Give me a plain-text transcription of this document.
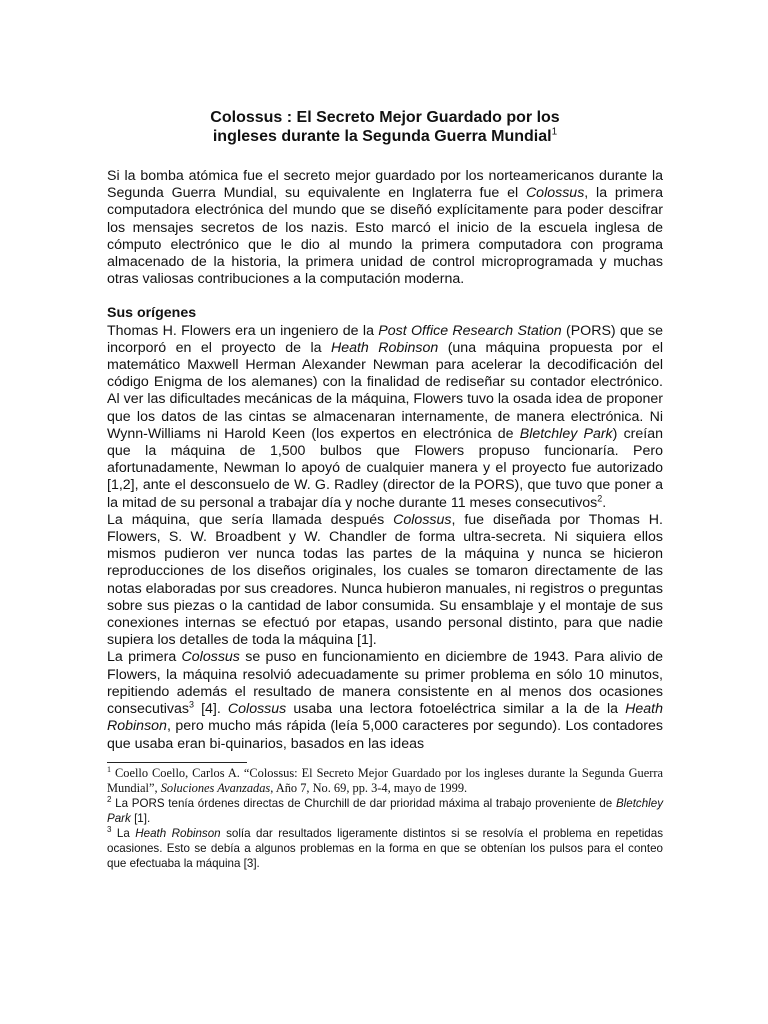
Colossus : El Secreto Mejor Guardado por los
ingleses durante la Segunda Guerra Mundial$^1$

Si la bomba atómica fue el secreto mejor guardado por los norteamericanos durante la Segunda Guerra Mundial, su equivalente en Inglaterra fue el Colossus, la primera computadora electrónica del mundo que se diseñó explícitamente para poder descifrar los mensajes secretos de los nazis. Esto marcó el inicio de la escuela inglesa de cómputo electrónico que le dio al mundo la primera computadora con programa almacenado de la historia, la primera unidad de control microprogramada y muchas otras valiosas contribuciones a la computación moderna.

Sus orígenes

Thomas H. Flowers era un ingeniero de la Post Office Research Station (PORS) que se incorporó en el proyecto de la Heath Robinson (una máquina propuesta por el matemático Maxwell Herman Alexander Newman para acelerar la decodificación del código Enigma de los alemanes) con la finalidad de rediseñar su contador electrónico. Al ver las dificultades mecánicas de la máquina, Flowers tuvo la osada idea de proponer que los datos de las cintas se almacenaran internamente, de manera electrónica. Ni Wynn-Williams ni Harold Keen (los expertos en electrónica de Bletchley Park) creían que la máquina de 1,500 bulbos que Flowers propuso funcionaría. Pero afortunadamente, Newman lo apoyó de cualquier manera y el proyecto fue autorizado [1,2], ante el desconsuelo de W. G. Radley (director de la PORS), que tuvo que poner a la mitad de su personal a trabajar día y noche durante 11 meses consecutivos$^2$.

La máquina, que sería llamada después Colossus, fue diseñada por Thomas H. Flowers, S. W. Broadbent y W. Chandler de forma ultra-secreta. Ni siquiera ellos mismos pudieron ver nunca todas las partes de la máquina y nunca se hicieron reproducciones de los diseños originales, los cuales se tomaron directamente de las notas elaboradas por sus creadores. Nunca hubieron manuales, ni registros o preguntas sobre sus piezas o la cantidad de labor consumida. Su ensamblaje y el montaje de sus conexiones internas se efectuó por etapas, usando personal distinto, para que nadie supiera los detalles de toda la máquina [1].

La primera Colossus se puso en funcionamiento en diciembre de 1943. Para alivio de Flowers, la máquina resolvió adecuadamente su primer problema en sólo 10 minutos, repitiendo además el resultado de manera consistente en al menos dos ocasiones consecutivas$^3$ [4]. Colossus usaba una lectora fotoeléctrica similar a la de la Heath Robinson, pero mucho más rápida (leía 5,000 caracteres por segundo). Los contadores que usaba eran bi-quinarios, basados en las ideas

$^1$ Coello Coello, Carlos A. “Colossus: El Secreto Mejor Guardado por los ingleses durante la Segunda Guerra Mundial”, Soluciones Avanzadas, Año 7, No. 69, pp. 3-4, mayo de 1999.

$^2$ La PORS tenía órdenes directas de Churchill de dar prioridad máxima al trabajo proveniente de Bletchley Park [1].

$^3$ La Heath Robinson solía dar resultados ligeramente distintos si se resolvía el problema en repetidas ocasiones. Esto se debía a algunos problemas en la forma en que se obtenían los pulsos para el conteo que efectuaba la máquina [3].
